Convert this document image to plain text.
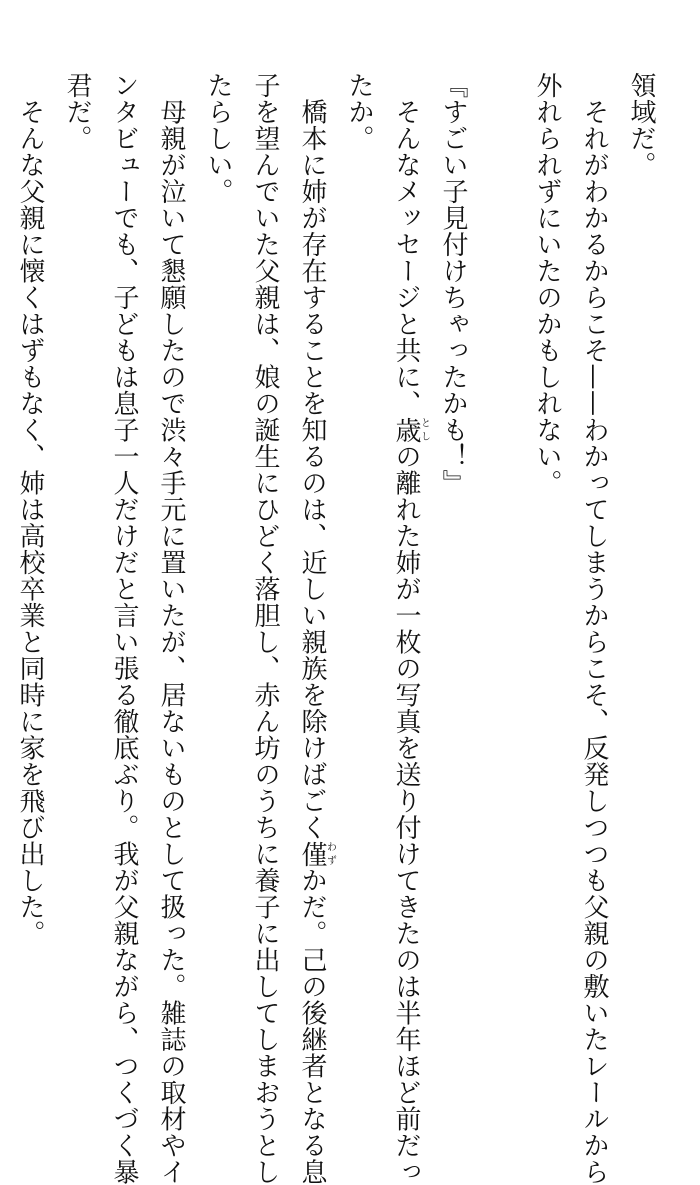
領域だ。
　それがわかるからこそ——わかってしまうからこそ、反発しつつも父親の敷いたレールから
外れられずにいたのかもしれない。

『すごい子見付けちゃったかも！』
　そんなメッセージと共に、歳としの離れた姉が一枚の写真を送り付けてきたのは半年ほど前だっ
たか。
　橋本に姉が存在することを知るのは、近しい親族を除けばごく僅わずかだ。己の後継者となる息
子を望んでいた父親は、娘の誕生にひどく落胆し、赤ん坊のうちに養子に出してしまおうとし
たらしい。
　母親が泣いて懇願したので渋々手元に置いたが、居ないものとして扱った。雑誌の取材やイ
ンタビューでも、子どもは息子一人だけだと言い張る徹底ぶり。我が父親ながら、つくづく暴
君だ。
　そんな父親に懐くはずもなく、姉は高校卒業と同時に家を飛び出した。
